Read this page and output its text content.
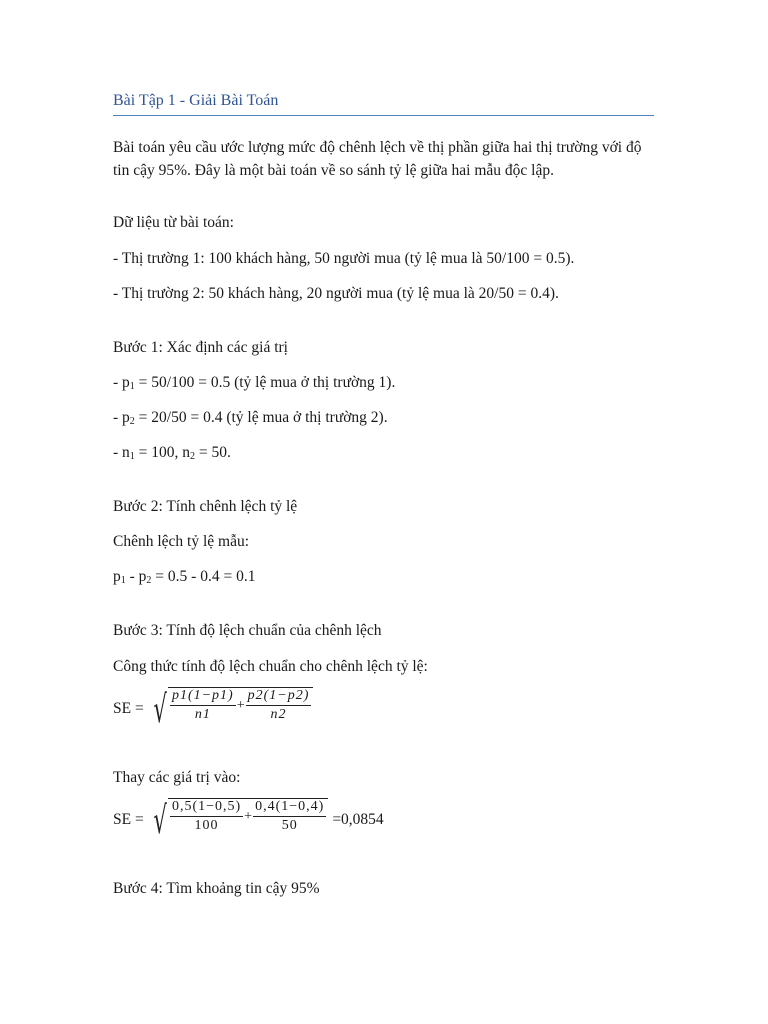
Bài Tập 1 - Giải Bài Toán
Bài toán yêu cầu ước lượng mức độ chênh lệch về thị phần giữa hai thị trường với độ tin cậy 95%. Đây là một bài toán về so sánh tỷ lệ giữa hai mẫu độc lập.
Dữ liệu từ bài toán:
- Thị trường 1: 100 khách hàng, 50 người mua (tỷ lệ mua là 50/100 = 0.5).
- Thị trường 2: 50 khách hàng, 20 người mua (tỷ lệ mua là 20/50 = 0.4).
Bước 1: Xác định các giá trị
- $p_1 = 50/100 = 0.5$ (tỷ lệ mua ở thị trường 1).
- $p_2 = 20/50 = 0.4$ (tỷ lệ mua ở thị trường 2).
- $n_1 = 100$, $n_2 = 50$.
Bước 2: Tính chênh lệch tỷ lệ
Chênh lệch tỷ lệ mẫu:
$p_1 - p_2 = 0.5 - 0.4 = 0.1$
Bước 3: Tính độ lệch chuẩn của chênh lệch
Công thức tính độ lệch chuẩn cho chênh lệch tỷ lệ:
SE = √ $\frac{p1(1-p1)}{n1} + \frac{p2(1-p2)}{n2}$
Thay các giá trị vào:
SE = √ $\frac{0,5(1-0,5)}{100} + \frac{0,4(1-0,4)}{50} =0,0854$
Bước 4: Tìm khoảng tin cậy 95%
